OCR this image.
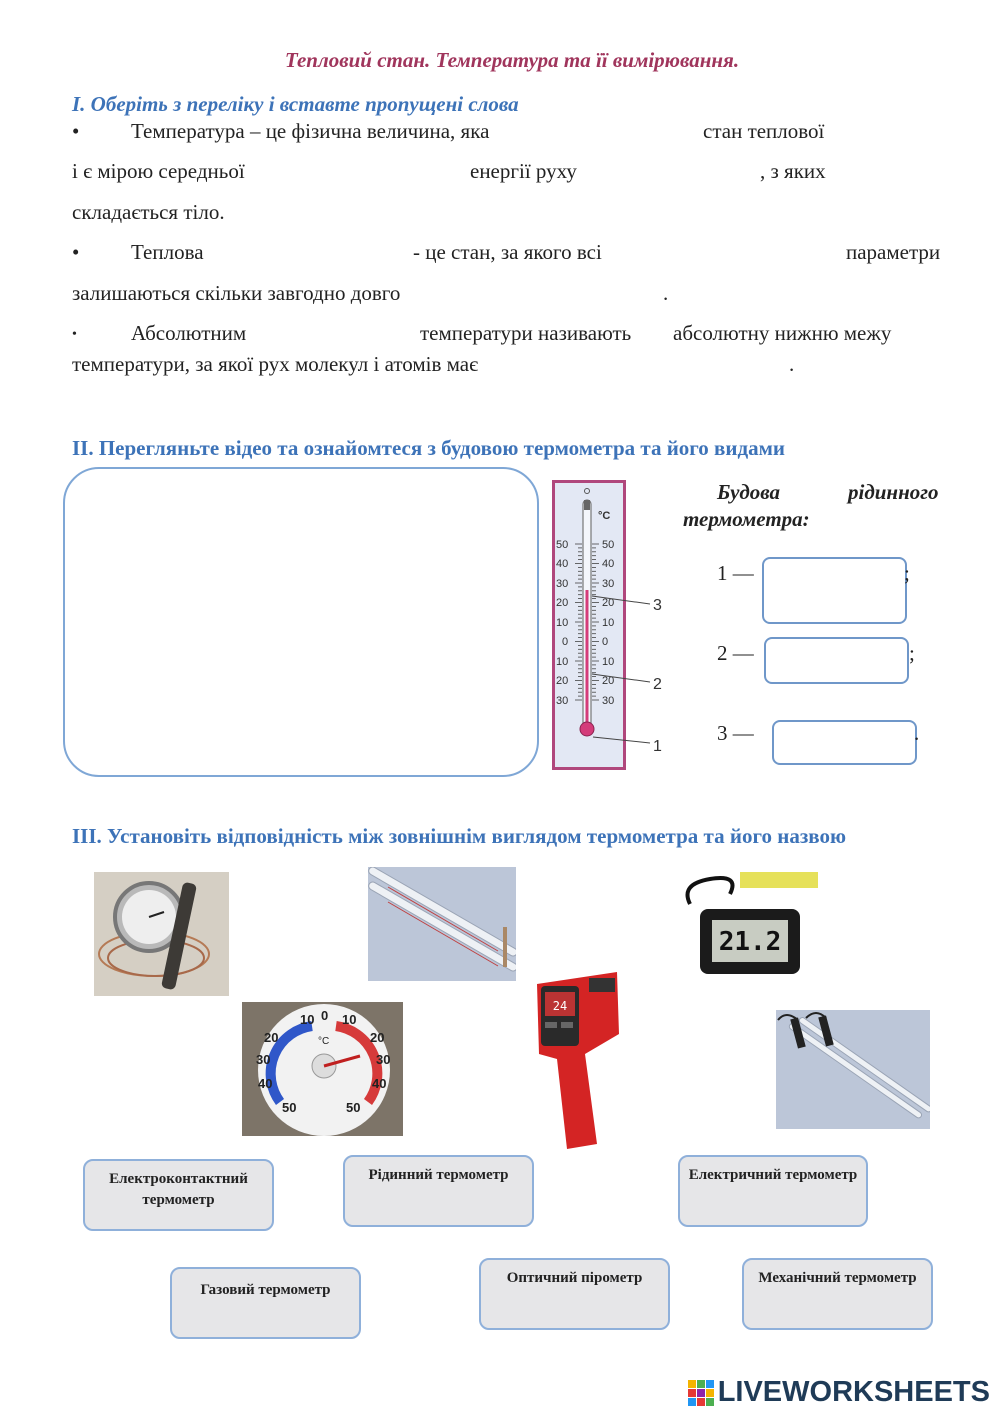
Тепловий стан. Температура та її вимірювання.
I. Оберіть з переліку і вставте пропущені слова
• Температура – це фізична величина, яка	стан теплової
і є мірою середньої	енергії руху	, з яких
складається тіло.
• Теплова	- це стан, за якого всі	параметри
залишаються скільки завгодно довго	.
•	Абсолютним	температури називають абсолютну нижню межу
температури, за якої рух молекул і атомів має	.
II. Перегляньте відео та ознайомтеся з будовою термометра та його видами
°C
50
40
30
20
10
0
10
20
30
50
40
30
20
10
0
10
20
30
3
2
1
Будова	рідинного
термометра:
1 —	;
2 —	;
3 —	.
III. Установіть відповідність між зовнішнім виглядом термометра та його назвою
21.2
10 0 10
20	20
30	30
40	40
50	50
°C
24
Електроконтактний термометр
Рідинний термометр	Електричний термометр
Газовий термометр
Оптичний пірометр	Механічний термометр
LIVEWORKSHEETS
